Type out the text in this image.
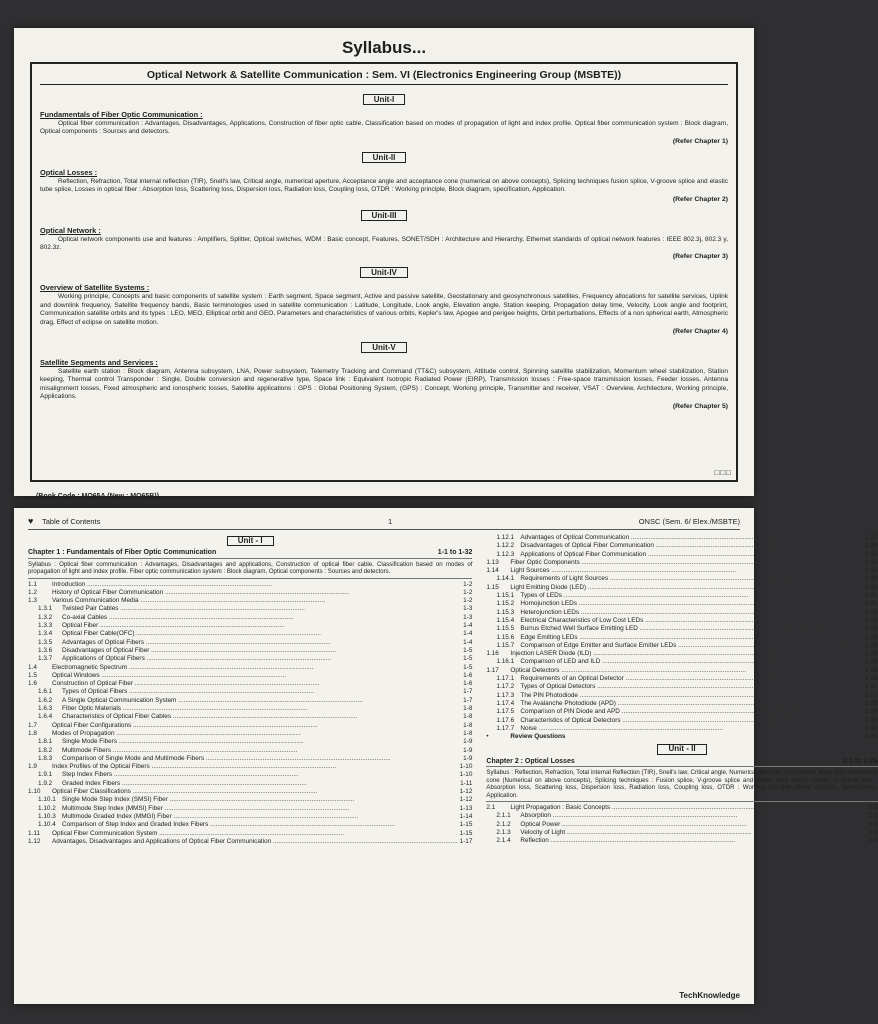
Syllabus...
Optical Network & Satellite Communication : Sem. VI (Electronics Engineering Group (MSBTE))
Unit-I
Fundamentals of Fiber Optic Communication :
Optical fiber communication : Advantages, Disadvantages, Applications, Construction of fiber optic cable, Classification based on modes of propagation of light and index profile. Optical fiber communication system : Block diagram, Optical components : Sources and detectors.
(Refer Chapter 1)
Unit-II
Optical Losses :
Reflection, Refraction, Total internal reflection (TIR), Snell's law, Critical angle, numerical aperture, Acceptance angle and acceptance cone (numerical on above concepts), Splicing techniques fusion splice, V-groove splice and elastic tube splice, Losses in optical fiber : Absorption loss, Scattering loss, Dispersion loss, Radiation loss, Coupling loss, OTDR : Working principle, Block diagram, specification, Application.
(Refer Chapter 2)
Unit-III
Optical Network :
Optical network components use and features : Amplifiers, Splitter, Optical switches, WDM : Basic concept, Features, SONET/SDH : Architecture and Hierarchy, Ethernet standards of optical network features : IEEE 802.3j, 802.3 y, 802.3z.
(Refer Chapter 3)
Unit-IV
Overview of Satellite Systems :
Working principle, Concepts and basic components of satellite system : Earth segment, Space segment, Active and passive satellite, Geostationary and geosynchronous satellites, Frequency allocations for satellite services, Uplink and downlink frequency, Satellite frequency bands, Basic terminologies used in satellite communication : Latitude, Longitude, Look angle, Elevation angle, Station keeping, Propagation delay time, Velocity, Look angle and footprint, Communication satellite orbits and its types : LEO, MEO, Elliptical orbit and GEO, Parameters and characteristics of various orbits, Kepler's law, Apogee and perigee heights, Orbit perturbations, Effects of a non spherical earth, Atmospheric drag, Effect of eclipse on satellite motion.
(Refer Chapter 4)
Unit-V
Satellite Segments and Services :
Satellite earth station : Block diagram, Antenna subsystem, LNA, Power subsystem, Telemetry Tracking and Command (TT&C) subsystem, Attitude control, Spinning satellite stabilization, Momentum wheel stabilization, Station keeping, Thermal control Transponder : Single, Double conversion and regenerative type, Space link : Equivalent Isotropic Radiated Power (EIRP), Transmission losses : Free-space transmission losses, Feeder losses, Antenna misalignment losses, Fixed atmospheric and ionospheric losses, Satellite applications : GPS : Global Positioning System, (GPS) : Concept, Working principle, Transmitter and receiver, VSAT : Overview, Architecture, Working principle, Applications.
(Refer Chapter 5)
□□□
(Book Code : MO65A (New : MO65B))
♥ Table of Contents	1	ONSC (Sem. 6/ Elex./MSBTE)
Unit - I
Chapter 1 : Fundamentals of Fiber Optic Communication	1-1 to 1-32
Syllabus : Optical fiber communication : Advantages, Disadvantages and applications, Construction of optical fiber cable, Classification based on modes of propagation of light and index profile. Fiber optic communication system : Block diagram, Optical components : Sources and detectors.
1.1	Introduction .....	1-2
1.2	History of Optical Fiber Communication .....	1-2
1.3	Various Communication Media .....	1-2
1.3.1	Twisted Pair Cables .....	1-3
1.3.2	Co-axial Cables .....	1-3
1.3.3	Optical Fiber .....	1-4
1.3.4	Optical Fiber Cable(OFC) .....	1-4
1.3.5	Advantages of Optical Fibers .....	1-4
1.3.6	Disadvantages of Optical Fiber .....	1-5
1.3.7	Applications of Optical Fibers .....	1-5
1.4	Electromagnetic Spectrum .....	1-5
1.5	Optical Windows .....	1-6
1.6	Construction of Optical Fiber .....	1-6
1.6.1	Types of Optical Fibers .....	1-7
1.6.2	A Single Optical Communication System .....	1-7
1.6.3	Fiber Optic Materials .....	1-8
1.6.4	Characteristics of Optical Fiber Cables .....	1-8
1.7	Optical Fiber Configurations .....	1-8
1.8	Modes of Propagation .....	1-8
1.8.1	Single Mode Fibers .....	1-9
1.8.2	Multimode Fibers .....	1-9
1.8.3	Comparison of Single Mode and Multimode Fibers .....	1-9
1.9	Index Profiles of the Optical Fibers .....	1-10
1.9.1	Step Index Fibers .....	1-10
1.9.2	Graded Index Fibers .....	1-11
1.10	Optical Fiber Classifications .....	1-12
1.10.1 Single Mode Step Index (SMSI) Fiber .....	1-12
1.10.2 Multimode Step Index (MMSI) Fiber .....	1-13
1.10.3 Multimode Graded Index (MMGI) Fiber .....	1-14
1.10.4 Comparison of Step Index and Graded Index Fibers .....	1-15
1.11	Optical Fiber Communication System .....	1-15
1.12	Advantages, Disadvantages and Applications of Optical Fiber Communication .....	1-17
1.12.1 Advantages of Optical Communication .....	1-17
1.12.2 Disadvantages of Optical Fiber Communication .....	1-18
1.12.3 Applications of Optical Fiber Communication .....	1-19
1.13	Fiber Optic Components .....	1-19
1.14	Light Sources .....	1-19
1.14.1 Requirements of Light Sources .....	1-19
1.15	Light Emitting Diode (LED) .....	1-20
1.15.1 Types of LEDs .....	1-21
1.15.2 Homojunction LEDs .....	1-21
1.15.3 Heterojunction LEDs .....	1-22
1.15.4 Electrical Characteristics of Low Cost LEDs .....	1-23
1.15.5 Burrus Etched Well Surface Emitting LED .....	1-23
1.15.6 Edge Emitting LEDs .....	1-24
1.15.7 Comparison of Edge Emitter and Surface Emitter LEDs .....	1-24
1.16	Injection LASER Diode (ILD) .....	1-25
1.16.1 Comparison of LED and ILD .....	1-26
1.17	Optical Detectors .....	1-26
1.17.1 Requirements of an Optical Detector .....	1-26
1.17.2 Types of Optical Detectors .....	1-27
1.17.3 The PIN Photodiode .....	1-27
1.17.4 The Avalanche Photodiode (APD) .....	1-28
1.17.5 Comparison of PIN Diode and APD .....	1-29
1.17.6 Characteristics of Optical Detectors .....	1-30
1.17.7 Noise .....	1-30
•	Review Questions	1-31
Unit - II
Chapter 2 : Optical Losses	2-1 to 2-26
Syllabus : Reflection, Refraction, Total internal Reflection (TIR), Snell's law, Critical angle, Numerical aperture, Acceptance angle and acceptance cone (Numerical on above concepts), Splicing techniques : Fusion splice, V-groove splice and elastic tube splice, Losses in optical fiber : Absorption loss, Scattering loss, Dispersion loss, Radiation loss, Coupling loss, OTDR : Working principle, Block diagram, Specification, Application.
2.1	Light Propagation : Basic Concepts .....	2-2
2.1.1	Absorption .....	2-2
2.1.2	Optical Power .....	2-2
2.1.3	Velocity of Light .....	2-3
2.1.4	Reflection .....	2-3
TechKnowledge
